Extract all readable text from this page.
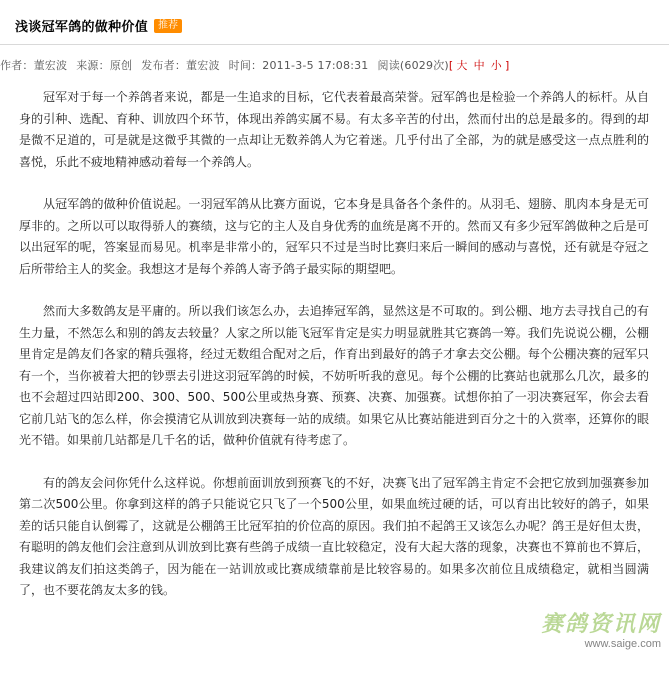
浅谈冠军鸽的做种价值	推荐
作者：董宏波 来源：原创 发布者：董宏波 时间：2011-3-5 17:08:31 阅读(6029次)[ 大 中 小 ]

冠军对于每一个养鸽者来说，都是一生追求的目标，它代表着最高荣誉。冠军鸽也是检验一个养鸽人的标杆。从自身的引种、选配、育种、训放四个环节，体现出养鸽实属不易。有太多辛苦的付出，然而付出的总是最多的。得到的却是微不足道的，可是就是这微乎其微的一点却让无数养鸽人为它着迷。几乎付出了全部，为的就是感受这一点点胜利的喜悦，乐此不疲地精神感动着每一个养鸽人。

从冠军鸽的做种价值说起。一羽冠军鸽从比赛方面说，它本身是具备各个条件的。从羽毛、翅膀、肌肉本身是无可厚非的。之所以可以取得骄人的赛绩，这与它的主人及自身优秀的血统是离不开的。然而又有多少冠军鸽做种之后是可以出冠军的呢，答案显而易见。机率是非常小的，冠军只不过是当时比赛归来后一瞬间的感动与喜悦，还有就是夺冠之后所带给主人的奖金。我想这才是每个养鸽人寄予鸽子最实际的期望吧。

然而大多数鸽友是平庸的。所以我们该怎么办，去追捧冠军鸽，显然这是不可取的。到公棚、地方去寻找自己的有生力量，不然怎么和别的鸽友去较量？人家之所以能飞冠军肯定是实力明显就胜其它赛鸽一筹。我们先说说公棚，公棚里肯定是鸽友们各家的精兵强将，经过无数组合配对之后，作育出到最好的鸽子才拿去交公棚。每个公棚决赛的冠军只有一个，当你被着大把的钞票去引进这羽冠军鸽的时候，不妨听听我的意见。每个公棚的比赛站也就那么几次，最多的也不会超过四站即200、300、500、500公里或热身赛、预赛、决赛、加强赛。试想你拍了一羽决赛冠军，你会去看它前几站飞的怎么样，你会摸清它从训放到决赛每一站的成绩。如果它从比赛站能进到百分之十的入赏率，还算你的眼光不错。如果前几站都是几千名的话，做种价值就有待考虑了。

有的鸽友会问你凭什么这样说。你想前面训放到预赛飞的不好，决赛飞出了冠军鸽主肯定不会把它放到加强赛参加第二次500公里。你拿到这样的鸽子只能说它只飞了一个500公里，如果血统过硬的话，可以育出比较好的鸽子，如果差的话只能自认倒霉了，这就是公棚鸽王比冠军拍的价位高的原因。我们拍不起鸽王又该怎么办呢？鸽王是好但太贵，有聪明的鸽友他们会注意到从训放到比赛有些鸽子成绩一直比较稳定，没有大起大落的现象，决赛也不算前也不算后，我建议鸽友们拍这类鸽子，因为能在一站训放或比赛成绩靠前是比较容易的。如果多次前位且成绩稳定，就相当圆满了，也不要花鸽友太多的钱。

赛鸽资讯网
www.saige.com
